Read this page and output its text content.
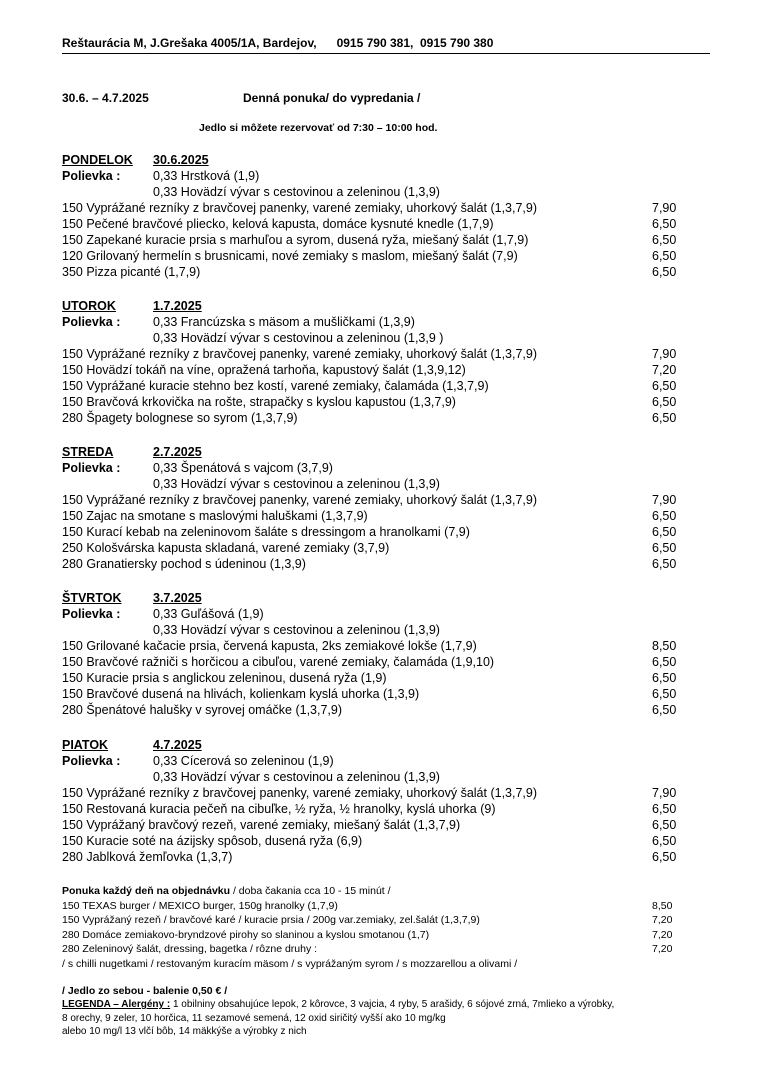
Reštaurácia M, J.Grešaka 4005/1A, Bardejov,      0915 790 381,  0915 790 380
30.6. – 4.7.2025	Denná ponuka/ do vypredania /
Jedlo si môžete rezervovať od 7:30 – 10:00 hod.
PONDELOK 30.6.2025
Polievka :	0,33 Hrstková (1,9)
0,33 Hovädzí vývar s cestovinou a zeleninou (1,3,9)
150 Vyprážané rezníky z bravčovej panenky, varené zemiaky, uhorkový šalát (1,3,7,9)	7,90
150 Pečené bravčové pliecko, kelová kapusta, domáce kysnuté knedle (1,7,9)	6,50
150 Zapekané kuracie prsia s marhuľou a syrom, dusená ryža, miešaný šalát (1,7,9)	6,50
120 Grilovaný hermelín s brusnicami, nové zemiaky s maslom, miešaný šalát (7,9)	6,50
350 Pizza picanté (1,7,9)	6,50
UTOROK	1.7.2025
Polievka :	0,33 Francúzska s mäsom a mušličkami (1,3,9)
0,33 Hovädzí vývar s cestovinou a zeleninou (1,3,9 )
150 Vyprážané rezníky z bravčovej panenky, varené zemiaky, uhorkový šalát (1,3,7,9)	7,90
150 Hovädzí tokáň na víne, opražená tarhoňa, kapustový šalát (1,3,9,12)	7,20
150 Vyprážané kuracie stehno bez kostí, varené zemiaky, čalamáda (1,3,7,9)	6,50
150 Bravčová krkovička na rošte, strapačky s kyslou kapustou (1,3,7,9)	6,50
280 Špagety bolognese so syrom (1,3,7,9)	6,50
STREDA	2.7.2025
Polievka :	0,33 Špenátová s vajcom (3,7,9)
0,33 Hovädzí vývar s cestovinou a zeleninou (1,3,9)
150 Vyprážané rezníky z bravčovej panenky, varené zemiaky, uhorkový šalát (1,3,7,9)	7,90
150 Zajac na smotane s maslovými haluškami (1,3,7,9)	6,50
150 Kurací kebab na zeleninovom šaláte s dressingom a hranolkami (7,9)	6,50
250 Kološvárska kapusta skladaná, varené zemiaky (3,7,9)	6,50
280 Granatiersky pochod s údeninou (1,3,9)	6,50
ŠTVRTOK	3.7.2025
Polievka :	0,33 Guľášová (1,9)
0,33 Hovädzí vývar s cestovinou a zeleninou (1,3,9)
150 Grilované kačacie prsia, červená kapusta, 2ks zemiakové lokše (1,7,9)	8,50
150 Bravčové ražniči s horčicou a cibuľou, varené zemiaky, čalamáda (1,9,10)	6,50
150 Kuracie prsia s anglickou zeleninou, dusená ryža (1,9)	6,50
150 Bravčové dusená na hlivách, kolienkam kyslá uhorka (1,3,9)	6,50
280 Špenátové halušky v syrovej omáčke (1,3,7,9)	6,50
PIATOK	4.7.2025
Polievka :	0,33 Cícerová so zeleninou (1,9)
0,33 Hovädzí vývar s cestovinou a zeleninou (1,3,9)
150 Vyprážané rezníky z bravčovej panenky, varené zemiaky, uhorkový šalát (1,3,7,9)	7,90
150 Restovaná kuracia pečeň na cibuľke, ½ ryža, ½ hranolky, kyslá uhorka (9)	6,50
150 Vyprážaný bravčový rezeň, varené zemiaky, miešaný šalát (1,3,7,9)	6,50
150 Kuracie soté na ázijsky spôsob, dusená ryža (6,9)	6,50
280 Jablková žemľovka (1,3,7)	6,50
Ponuka každý deň na objednávku / doba čakania cca 10 - 15 minút /
150 TEXAS burger / MEXICO burger, 150g hranolky (1,7,9)	8,50
150 Vyprážaný rezeň / bravčové karé / kuracie prsia / 200g var.zemiaky, zel.šalát (1,3,7,9)	7,20
280 Domáce zemiakovo-bryndzové pirohy so slaninou a kyslou smotanou (1,7)	7,20
280 Zeleninový šalát, dressing, bagetka / rôzne druhy :	7,20
/ s chilli nugetkami / restovaným kuracím mäsom / s vyprážaným syrom / s mozzarellou a olivami /
/ Jedlo zo sebou - balenie 0,50 € /
LEGENDA – Alergény : 1 obilniny obsahujúce lepok, 2 kôrovce, 3 vajcia, 4 ryby, 5 arašidy, 6 sójové zrná, 7mlieko a výrobky,
8 orechy, 9 zeler, 10 horčica, 11 sezamové semená, 12 oxid siričitý vyšší ako 10 mg/kg
alebo 10 mg/l 13 vlčí bôb, 14 mäkkýše a výrobky z nich
